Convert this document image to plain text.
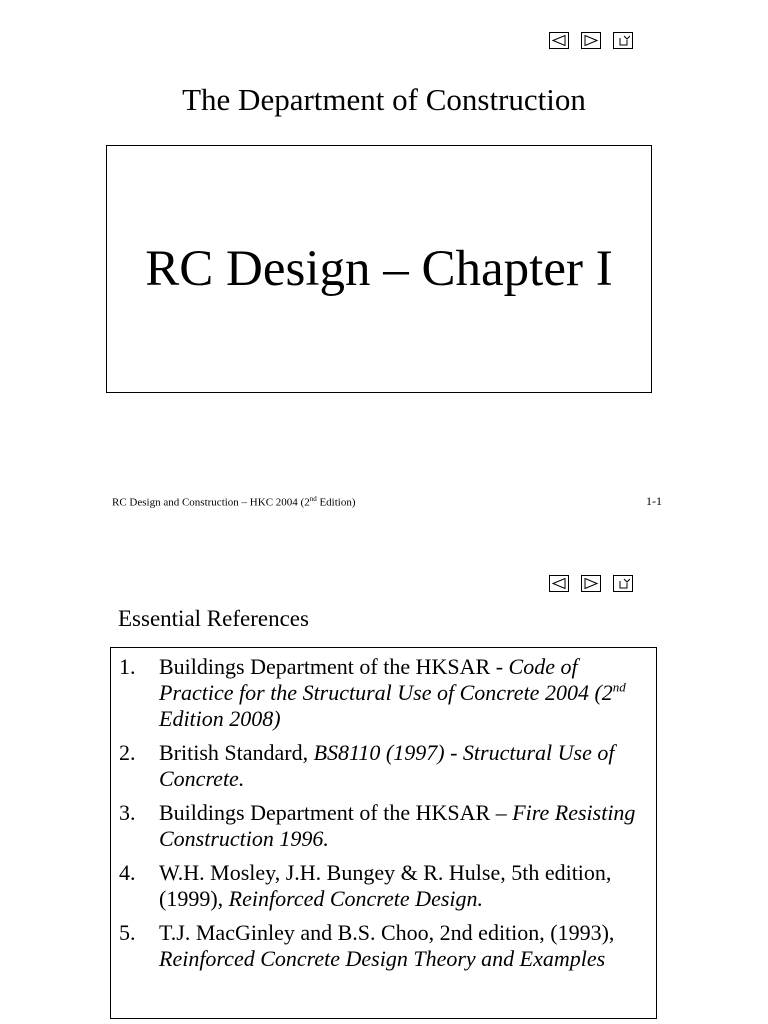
The Department of Construction
RC Design – Chapter I
RC Design and Construction – HKC 2004 (2nd Edition)	1-1
Essential References
1.	Buildings Department of the HKSAR - Code of Practice for the Structural Use of Concrete 2004 (2nd Edition 2008)
2.	British Standard, BS8110 (1997) - Structural Use of Concrete.
3.	Buildings Department of the HKSAR – Fire Resisting Construction 1996.
4.	W.H. Mosley, J.H. Bungey & R. Hulse, 5th edition, (1999), Reinforced Concrete Design.
5.	T.J. MacGinley and B.S. Choo, 2nd edition, (1993), Reinforced Concrete Design Theory and Examples
